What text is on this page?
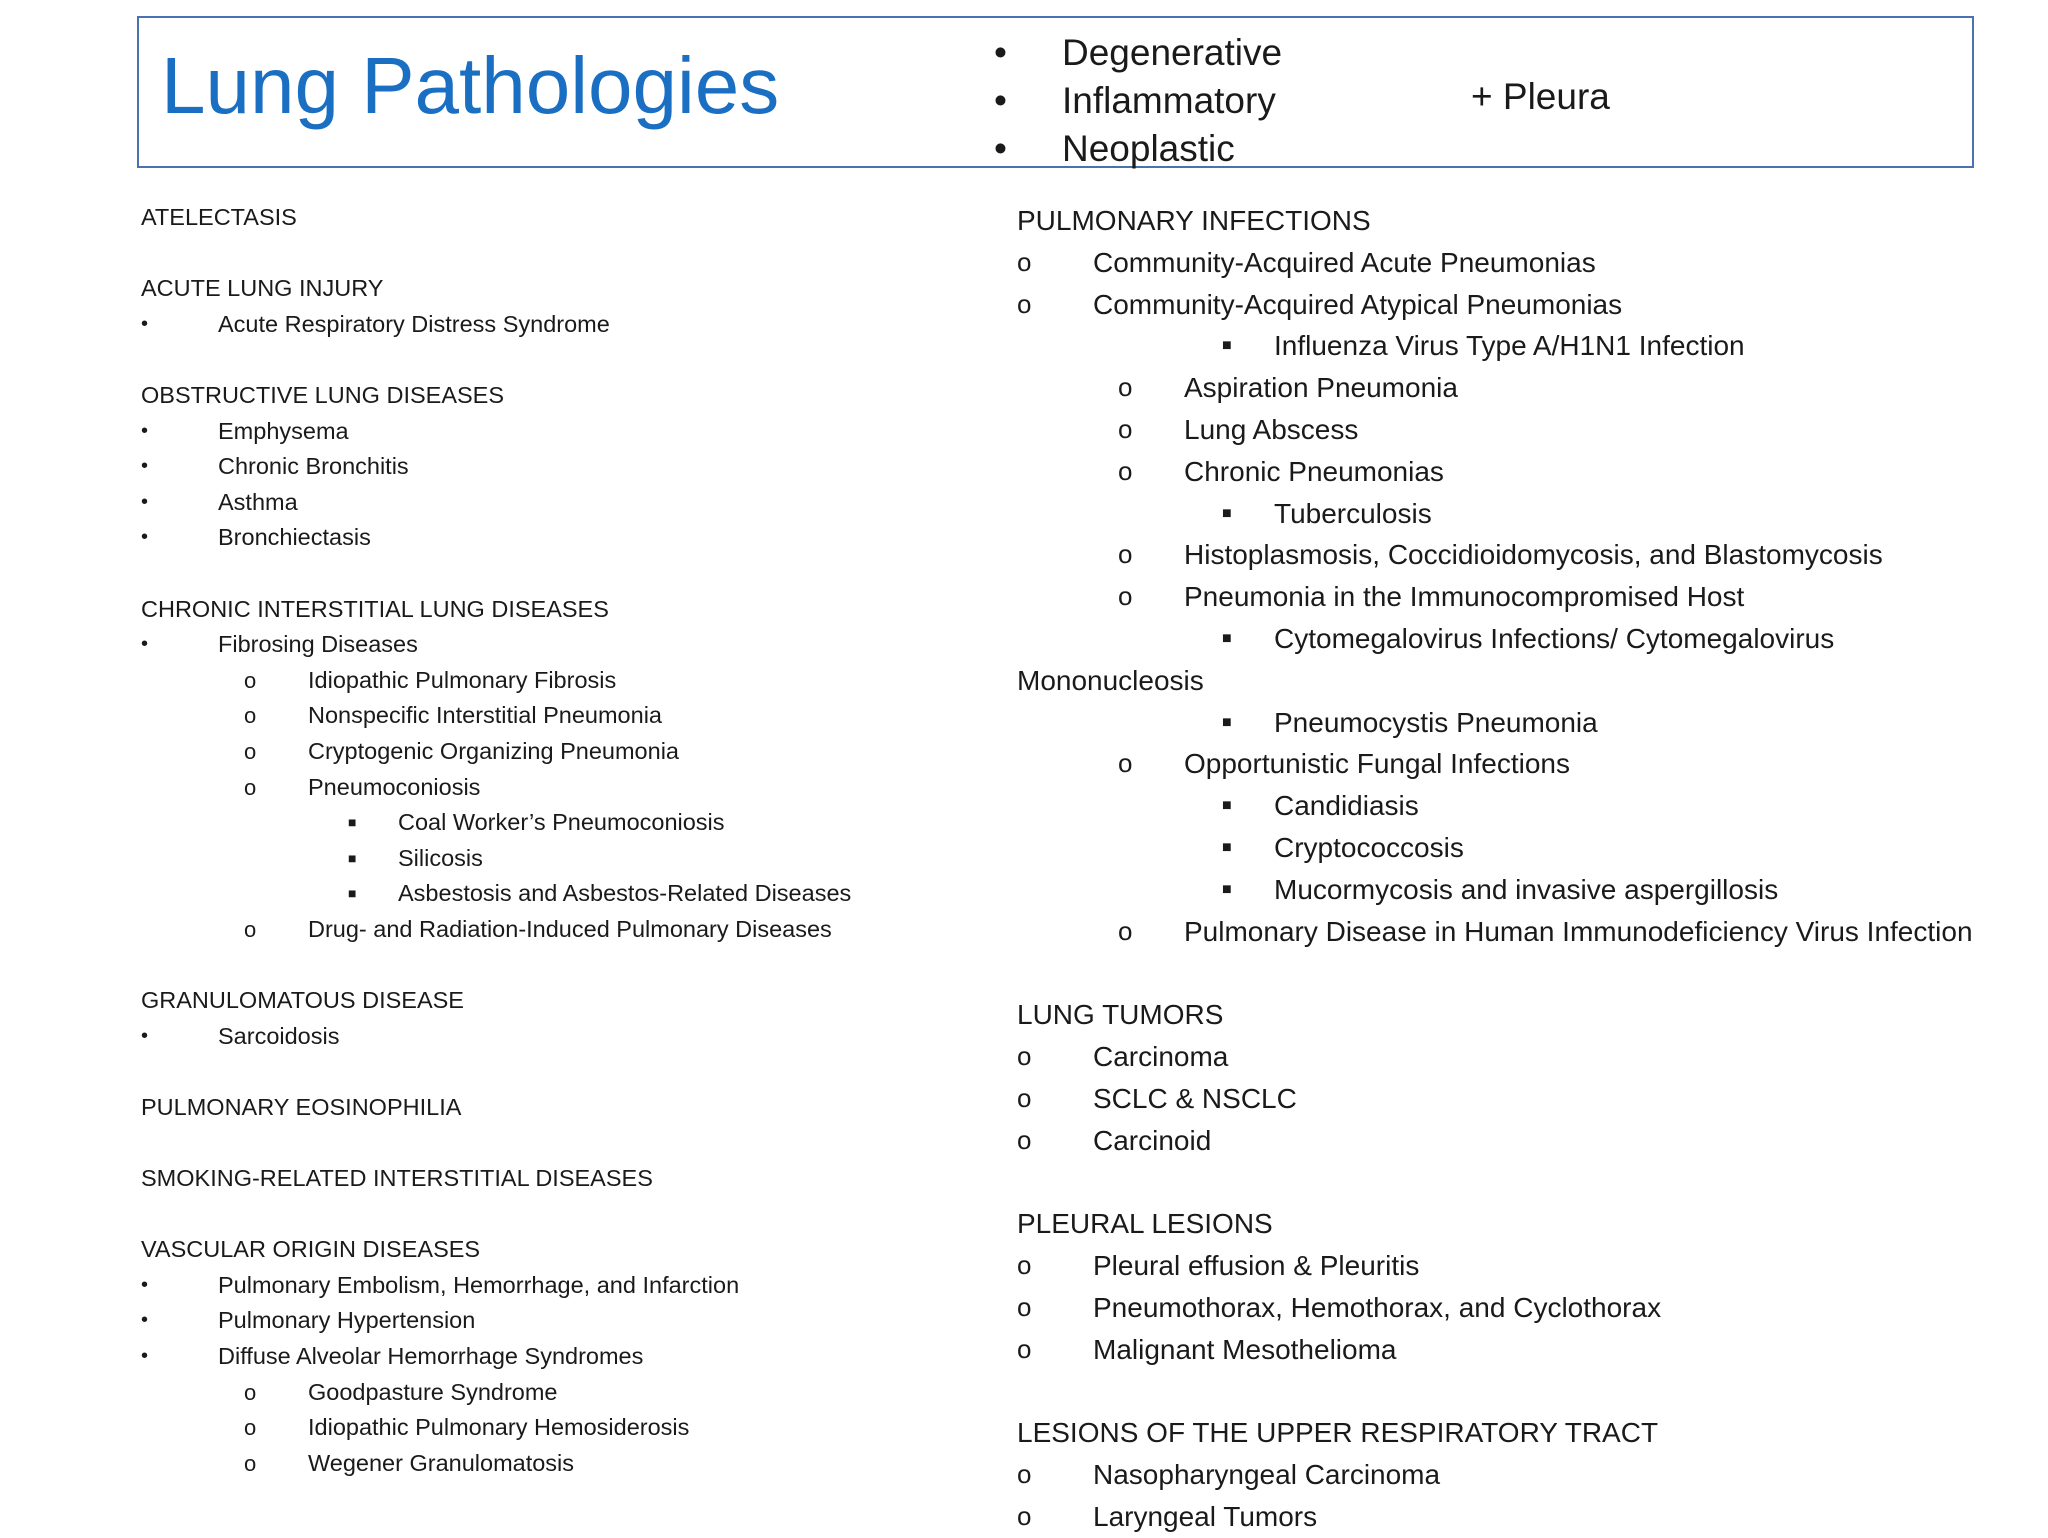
Lung Pathologies	• Degenerative
• Inflammatory
• Neoplastic
+ Pleura
ATELECTASIS
ACUTE LUNG INJURY
•	Acute Respiratory Distress Syndrome
OBSTRUCTIVE LUNG DISEASES
•	Emphysema
•	Chronic Bronchitis
•	Asthma
•	Bronchiectasis
CHRONIC INTERSTITIAL LUNG DISEASES
•	Fibrosing Diseases
o Idiopathic Pulmonary Fibrosis
o Nonspecific Interstitial Pneumonia
o Cryptogenic Organizing Pneumonia
o Pneumoconiosis
■ Coal Worker’s Pneumoconiosis
■ Silicosis
■ Asbestosis and Asbestos-Related Diseases
o Drug- and Radiation-Induced Pulmonary Diseases
GRANULOMATOUS DISEASE
•	Sarcoidosis
PULMONARY EOSINOPHILIA
SMOKING-RELATED INTERSTITIAL DISEASES
VASCULAR ORIGIN DISEASES
•	Pulmonary Embolism, Hemorrhage, and Infarction
•	Pulmonary Hypertension
•	Diffuse Alveolar Hemorrhage Syndromes
o Goodpasture Syndrome
o Idiopathic Pulmonary Hemosiderosis
o Wegener Granulomatosis
PULMONARY INFECTIONS
o Community-Acquired Acute Pneumonias
o Community-Acquired Atypical Pneumonias
■ Influenza Virus Type A/H1N1 Infection
o Aspiration Pneumonia
o Lung Abscess
o Chronic Pneumonias
■ Tuberculosis
o Histoplasmosis, Coccidioidomycosis, and Blastomycosis
o Pneumonia in the Immunocompromised Host
■ Cytomegalovirus Infections/ Cytomegalovirus
Mononucleosis
■ Pneumocystis Pneumonia
o Opportunistic Fungal Infections
■ Candidiasis
■ Cryptococcosis
■ Mucormycosis and invasive aspergillosis
o Pulmonary Disease in Human Immunodeficiency Virus Infection
LUNG TUMORS
o Carcinoma
o SCLC & NSCLC
o Carcinoid
PLEURAL LESIONS
o Pleural effusion & Pleuritis
o Pneumothorax, Hemothorax, and Cyclothorax
o Malignant Mesothelioma
LESIONS OF THE UPPER RESPIRATORY TRACT
o Nasopharyngeal Carcinoma
o Laryngeal Tumors
